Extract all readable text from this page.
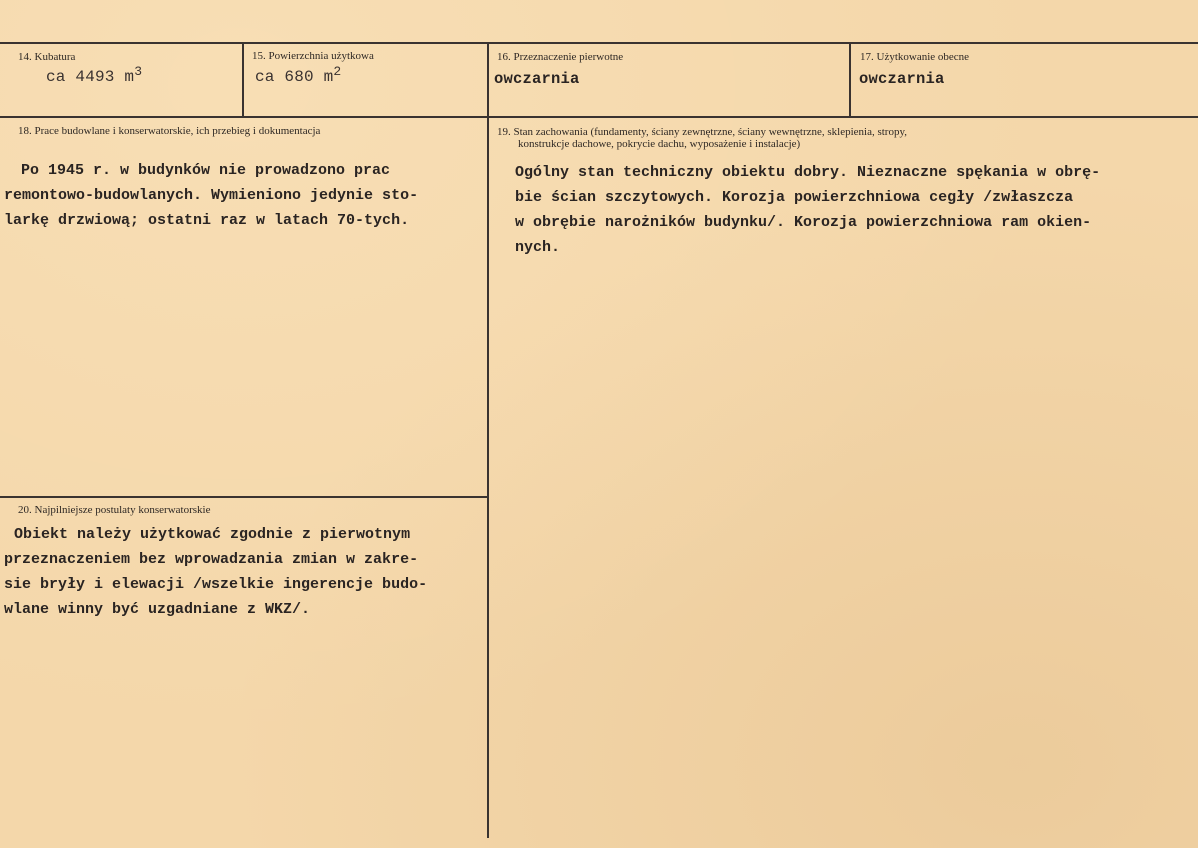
14. Kubatura
ca 4493 $m^3$
15. Powierzchnia użytkowa
ca 680 $m^2$
16. Przeznaczenie pierwotne
owczarnia
17. Użytkowanie obecne
owczarnia
18. Prace budowlane i konserwatorskie, ich przebieg i dokumentacja
Po 1945 r. w budynków nie prowadzono prac
remontowo-budowlanych. Wymieniono jedynie sto-
larkę drzwiową; ostatni raz w latach 70-tych.
19. Stan zachowania (fundamenty, ściany zewnętrzne, ściany wewnętrzne, sklepienia, stropy,
konstrukcje dachowe, pokrycie dachu, wyposażenie i instalacje)
Ogólny stan techniczny obiektu dobry. Nieznaczne spękania w obrę-
bie ścian szczytowych. Korozja powierzchniowa cegły /zwłaszcza
w obrębie narożników budynku/. Korozja powierzchniowa ram okien-
nych.
20. Najpilniejsze postulaty konserwatorskie
Obiekt należy użytkować zgodnie z pierwotnym
przeznaczeniem bez wprowadzania zmian w zakre-
sie bryły i elewacji /wszelkie ingerencje budo-
wlane winny być uzgadniane z WKZ/.
